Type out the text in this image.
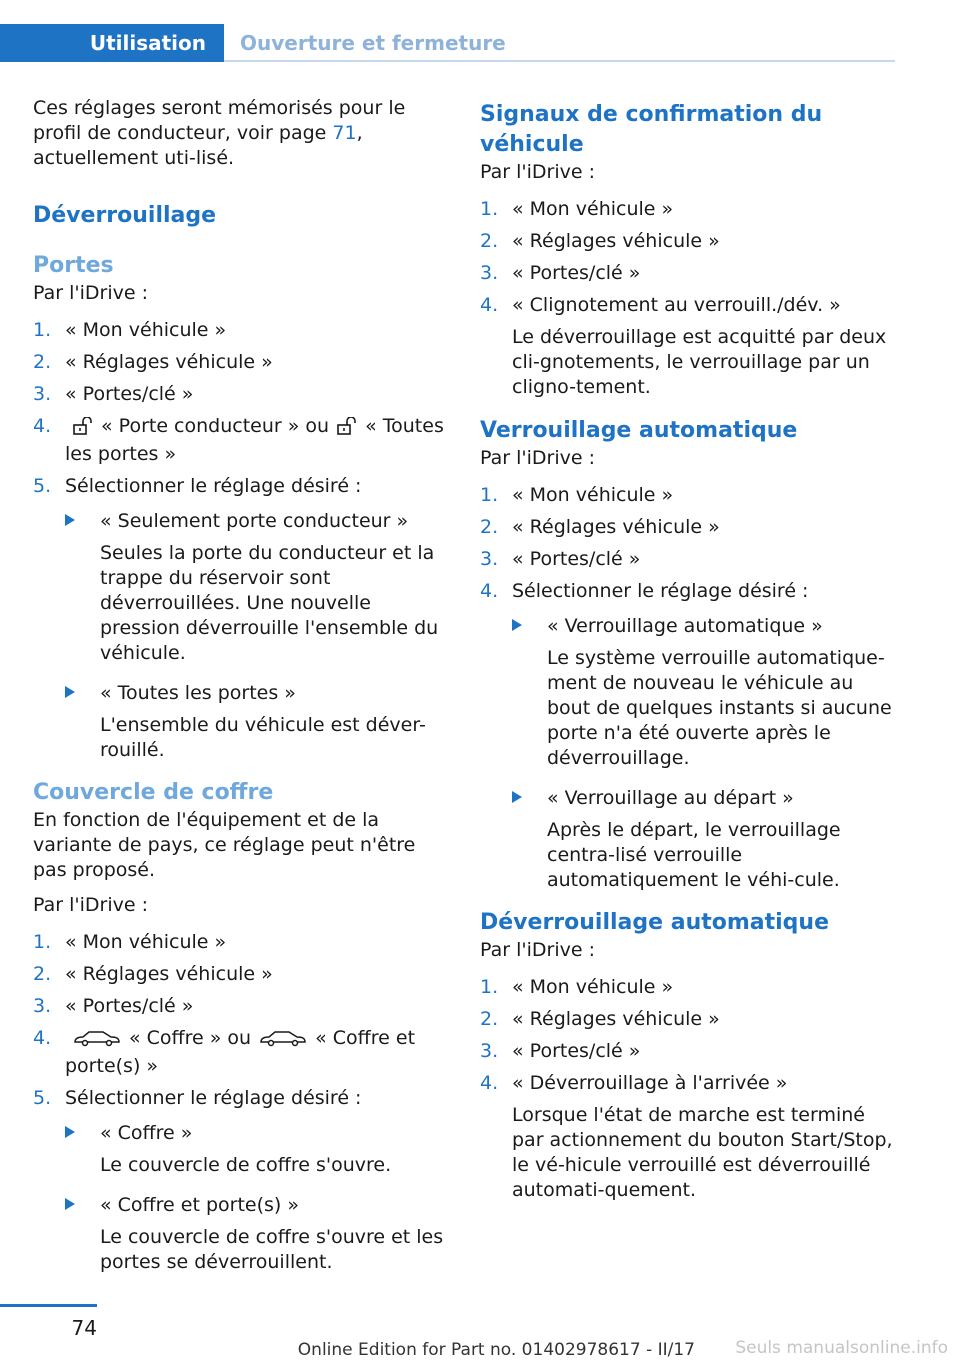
Utilisation Ouverture et fermeture

Ces réglages seront mémorisés pour le profil de conducteur, voir page 71, actuellement uti-lisé.

Déverrouillage
Portes

Par l'iDrive :

1. « Mon véhicule »
2. « Réglages véhicule »
3. « Portes/clé »
4.	« Porte conducteur » ou « Toutes les portes »
5. Sélectionner le réglage désiré :
« Seulement porte conducteur »
Seules la porte du conducteur et la trappe du réservoir sont déverrouillées. Une nouvelle pression déverrouille l'ensemble du véhicule.
« Toutes les portes »
L'ensemble du véhicule est déver-rouillé.
Couvercle de coffre

En fonction de l'équipement et de la variante de pays, ce réglage peut n'être pas proposé.

Par l'iDrive :

1. « Mon véhicule »
2. « Réglages véhicule »
3. « Portes/clé »
4.	« Coffre » ou	« Coffre et porte(s) »
5. Sélectionner le réglage désiré :
« Coffre »
Le couvercle de coffre s'ouvre.
« Coffre et porte(s) »
Le couvercle de coffre s'ouvre et les portes se déverrouillent.
Signaux de confirmation du véhicule

Par l'iDrive :

1. « Mon véhicule »
2. « Réglages véhicule »
3. « Portes/clé »
4. « Clignotement au verrouill./dév. »
Le déverrouillage est acquitté par deux cli-gnotements, le verrouillage par un cligno-tement.
Verrouillage automatique

Par l'iDrive :

1. « Mon véhicule »
2. « Réglages véhicule »
3. « Portes/clé »
4. Sélectionner le réglage désiré :
« Verrouillage automatique »
Le système verrouille automatique-ment de nouveau le véhicule au bout de quelques instants si aucune porte n'a été ouverte après le déverrouillage.
« Verrouillage au départ »
Après le départ, le verrouillage centra-lisé verrouille automatiquement le véhi-cule.
Déverrouillage automatique

Par l'iDrive :

1. « Mon véhicule »
2. « Réglages véhicule »
3. « Portes/clé »
4. « Déverrouillage à l'arrivée »
Lorsque l'état de marche est terminé par actionnement du bouton Start/Stop, le vé-hicule verrouillé est déverrouillé automati-quement.
74
Online Edition for Part no. 01402978617 - II/17 Seuls manualsonline.info
